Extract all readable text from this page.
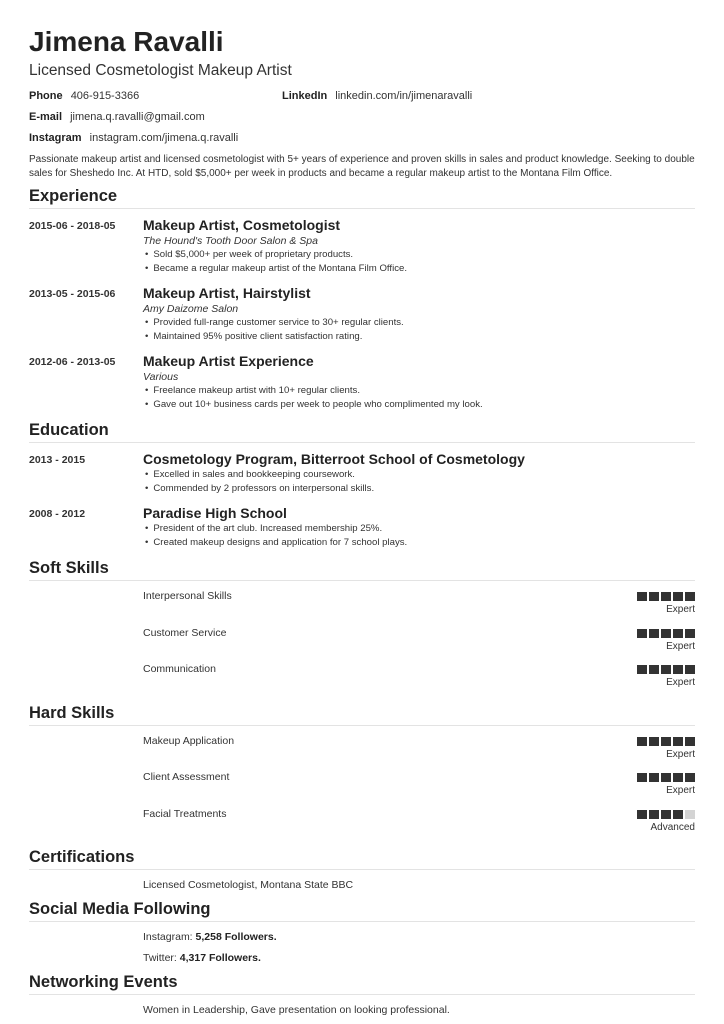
Jimena Ravalli
Licensed Cosmetologist Makeup Artist
Phone 406-915-3366	LinkedIn linkedin.com/in/jimenaravalli
E-mail jimena.q.ravalli@gmail.com
Instagram instagram.com/jimena.q.ravalli
Passionate makeup artist and licensed cosmetologist with 5+ years of experience and proven skills in sales and product knowledge. Seeking to double sales for Sheshedo Inc. At HTD, sold $5,000+ per week in products and became a regular makeup artist to the Montana Film Office.
Experience
2015-06 - 2018-05	Makeup Artist, Cosmetologist
The Hound's Tooth Door Salon & Spa
• Sold $5,000+ per week of proprietary products.
• Became a regular makeup artist of the Montana Film Office.
2013-05 - 2015-06	Makeup Artist, Hairstylist
Amy Daizome Salon
• Provided full-range customer service to 30+ regular clients.
• Maintained 95% positive client satisfaction rating.
2012-06 - 2013-05	Makeup Artist Experience
Various
• Freelance makeup artist with 10+ regular clients.
• Gave out 10+ business cards per week to people who complimented my look.
Education
2013 - 2015	Cosmetology Program, Bitterroot School of Cosmetology
• Excelled in sales and bookkeeping coursework.
• Commended by 2 professors on interpersonal skills.
2008 - 2012	Paradise High School
• President of the art club. Increased membership 25%.
• Created makeup designs and application for 7 school plays.
Soft Skills
Interpersonal Skills
Expert
Customer Service
Expert
Communication
Expert
Hard Skills
Makeup Application
Expert
Client Assessment
Expert
Facial Treatments
Advanced
Certifications
Licensed Cosmetologist, Montana State BBC
Social Media Following
Instagram: 5,258 Followers.
Twitter: 4,317 Followers.
Networking Events
Women in Leadership, Gave presentation on looking professional.
